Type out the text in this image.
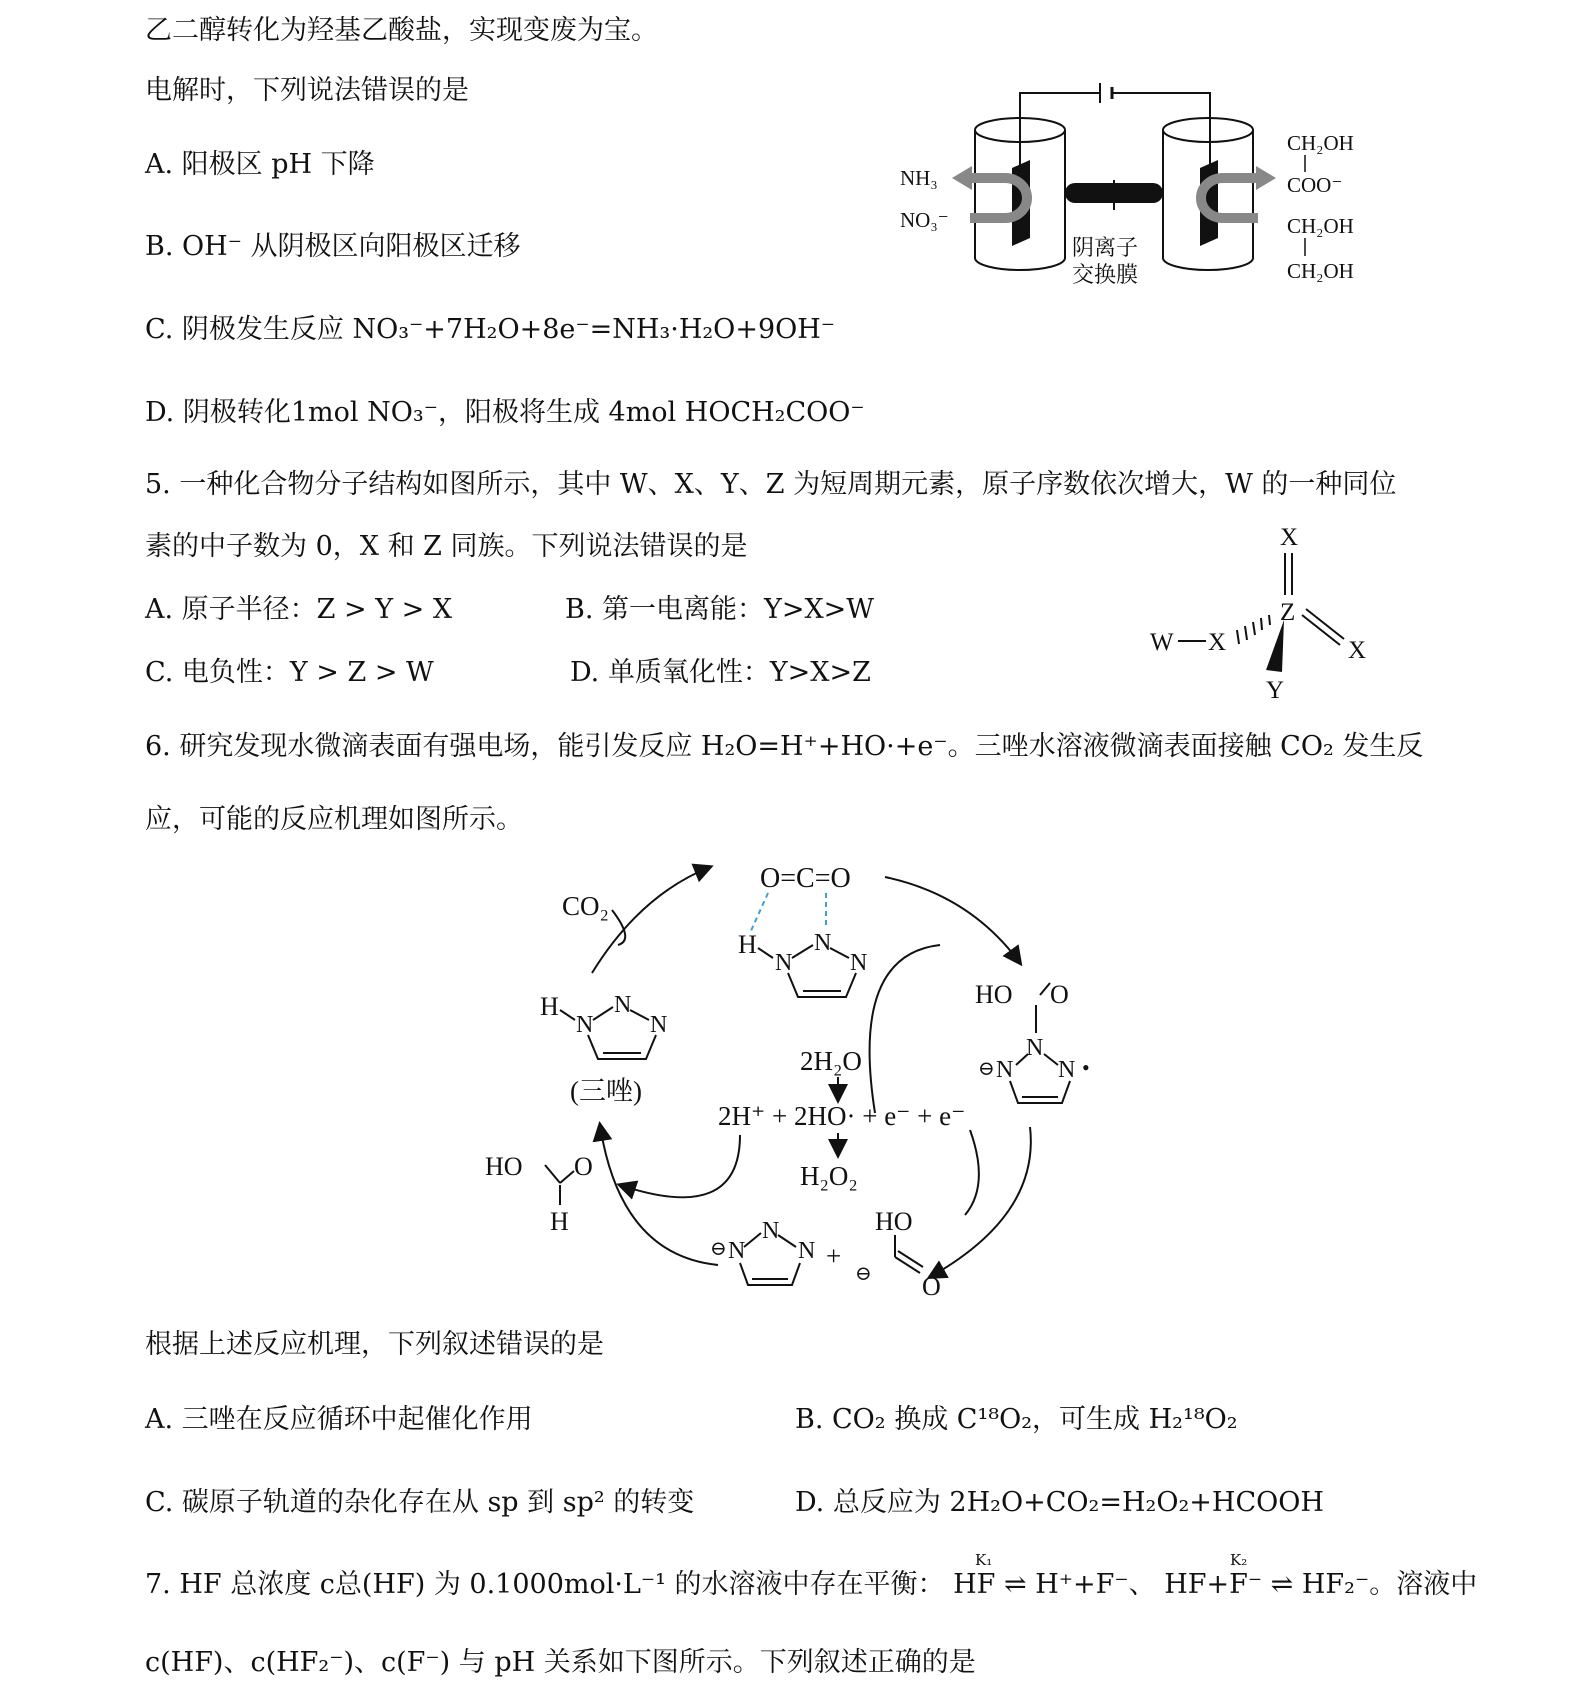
乙二醇转化为羟基乙酸盐，实现变废为宝。
电解时，下列说法错误的是
A. 阳极区 pH 下降
B. OH⁻ 从阴极区向阳极区迁移
C. 阴极发生反应 NO₃⁻+7H₂O+8e⁻=NH₃·H₂O+9OH⁻
D. 阴极转化1mol NO₃⁻，阳极将生成 4mol HOCH₂COO⁻
NH₃
NO₃⁻
阴离子
交换膜
CH₂OH
COO⁻
CH₂OH
CH₂OH
5. 一种化合物分子结构如图所示，其中 W、X、Y、Z 为短周期元素，原子序数依次增大，W 的一种同位
素的中子数为 0，X 和 Z 同族。下列说法错误的是
A. 原子半径：Z > Y > X	B. 第一电离能：Y>X>W
C. 电负性：Y > Z > W	D. 单质氧化性：Y>X>Z
X
Z
X
W X
Y
6. 研究发现水微滴表面有强电场，能引发反应 H₂O=H⁺+HO·+e⁻。三唑水溶液微滴表面接触 CO₂ 发生反
应，可能的反应机理如图所示。
CO₂
O=C=O
H
N
N
N
H
N
N
N
(三唑)
HO O
N
⊖ N N •
2H₂O
2H⁺ + 2HO· + e⁻ + e⁻
H₂O₂
HO O
H
⊖ N
N
N +
HO
⊖ O
根据上述反应机理，下列叙述错误的是
A. 三唑在反应循环中起催化作用	B. CO₂ 换成 C¹⁸O₂，可生成 H₂¹⁸O₂
C. 碳原子轨道的杂化存在从 sp 到 sp² 的转变	D. 总反应为 2H₂O+CO₂=H₂O₂+HCOOH
7. HF 总浓度 c总(HF) 为 0.1000mol·L⁻¹ 的水溶液中存在平衡： HF ⇌ H⁺+F⁻、 HF+F⁻ ⇌ HF₂⁻。溶液中
K₁	K₂
c(HF)、c(HF₂⁻)、c(F⁻) 与 pH 关系如下图所示。下列叙述正确的是
